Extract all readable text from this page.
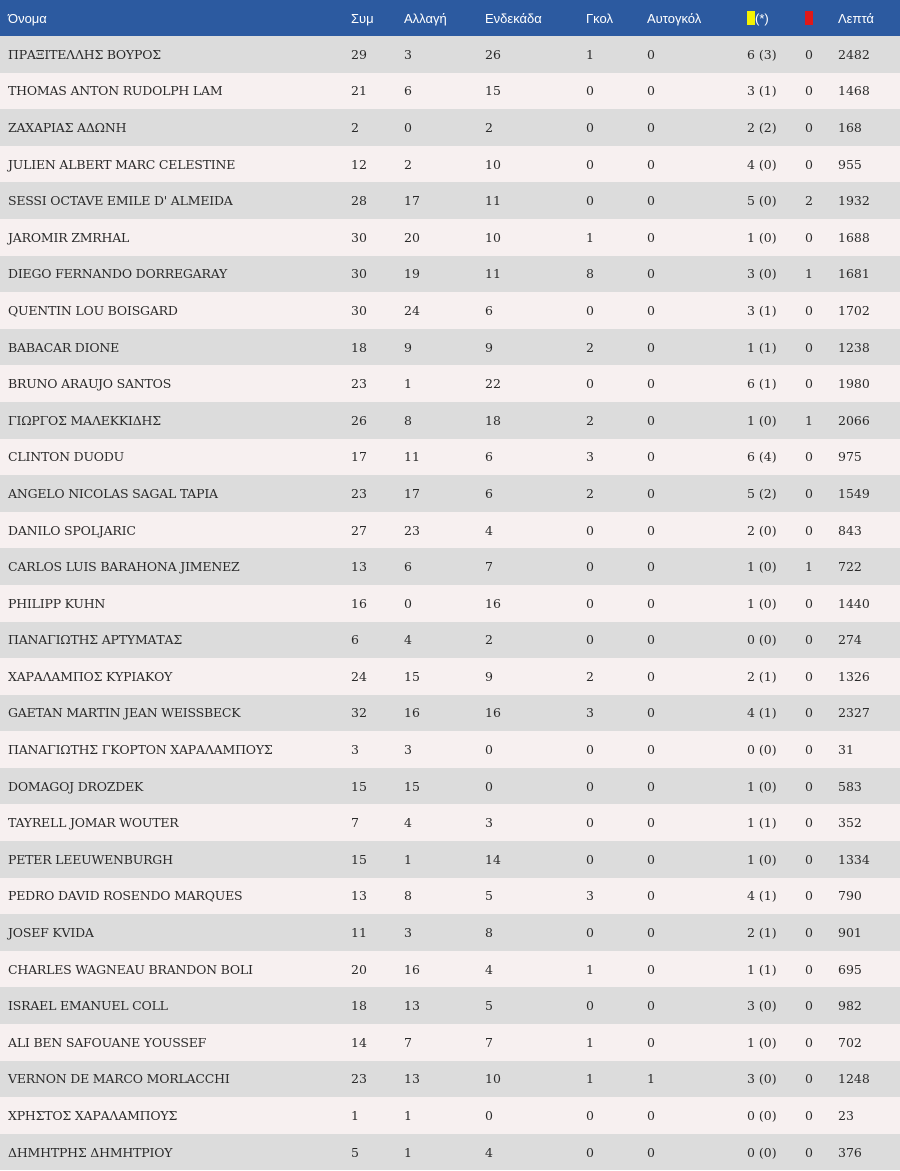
Όνομα	Συμ	Αλλαγή	Ενδεκάδα	Γκολ	Αυτογκόλ	(*)		Λεπτά
ΠΡΑΞΙΤΕΛΛΗΣ ΒΟΥΡΟΣ	29	3	26	1	0	6 (3)	0	2482
THOMAS ANTON RUDOLPH LAM	21	6	15	0	0	3 (1)	0	1468
ΖΑΧΑΡΙΑΣ ΑΔΩΝΗ	2	0	2	0	0	2 (2)	0	168
JULIEN ALBERT MARC CELESTINE	12	2	10	0	0	4 (0)	0	955
SESSI OCTAVE EMILE D' ALMEIDA	28	17	11	0	0	5 (0)	2	1932
JAROMIR ZMRHAL	30	20	10	1	0	1 (0)	0	1688
DIEGO FERNANDO DORREGARAY	30	19	11	8	0	3 (0)	1	1681
QUENTIN LOU BOISGARD	30	24	6	0	0	3 (1)	0	1702
BABACAR DIONE	18	9	9	2	0	1 (1)	0	1238
BRUNO ARAUJO SANTOS	23	1	22	0	0	6 (1)	0	1980
ΓΙΩΡΓΟΣ ΜΑΛΕΚΚΙΔΗΣ	26	8	18	2	0	1 (0)	1	2066
CLINTON DUODU	17	11	6	3	0	6 (4)	0	975
ANGELO NICOLAS SAGAL TAPIA	23	17	6	2	0	5 (2)	0	1549
DANILO SPOLJARIC	27	23	4	0	0	2 (0)	0	843
CARLOS LUIS BARAHONA JIMENEZ	13	6	7	0	0	1 (0)	1	722
PHILIPP KUHN	16	0	16	0	0	1 (0)	0	1440
ΠΑΝΑΓΙΩΤΗΣ ΑΡΤΥΜΑΤΑΣ	6	4	2	0	0	0 (0)	0	274
ΧΑΡΑΛΑΜΠΟΣ ΚΥΡΙΑΚΟΥ	24	15	9	2	0	2 (1)	0	1326
GAETAN MARTIN JEAN WEISSBECK	32	16	16	3	0	4 (1)	0	2327
ΠΑΝΑΓΙΩΤΗΣ ΓΚΟΡΤΟΝ ΧΑΡΑΛΑΜΠΟΥΣ	3	3	0	0	0	0 (0)	0	31
DOMAGOJ DROZDEK	15	15	0	0	0	1 (0)	0	583
TAYRELL JOMAR WOUTER	7	4	3	0	0	1 (1)	0	352
PETER LEEUWENBURGH	15	1	14	0	0	1 (0)	0	1334
PEDRO DAVID ROSENDO MARQUES	13	8	5	3	0	4 (1)	0	790
JOSEF KVIDA	11	3	8	0	0	2 (1)	0	901
CHARLES WAGNEAU BRANDON BOLI	20	16	4	1	0	1 (1)	0	695
ISRAEL EMANUEL COLL	18	13	5	0	0	3 (0)	0	982
ALI BEN SAFOUANE YOUSSEF	14	7	7	1	0	1 (0)	0	702
VERNON DE MARCO MORLACCHI	23	13	10	1	1	3 (0)	0	1248
ΧΡΗΣΤΟΣ ΧΑΡΑΛΑΜΠΟΥΣ	1	1	0	0	0	0 (0)	0	23
ΔΗΜΗΤΡΗΣ ΔΗΜΗΤΡΙΟΥ	5	1	4	0	0	0 (0)	0	376
